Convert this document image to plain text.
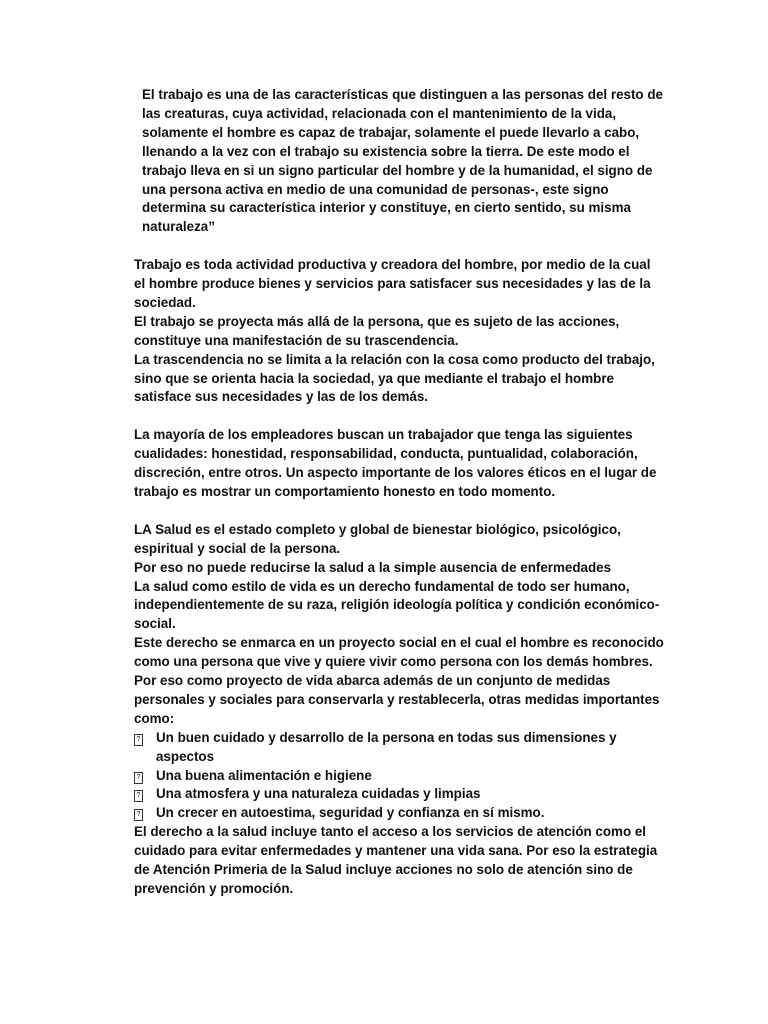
El trabajo es una de las características que distinguen a las personas del resto de las creaturas, cuya actividad, relacionada con el mantenimiento de la vida, solamente el hombre es capaz de trabajar, solamente el puede llevarlo a cabo, llenando a la vez con el trabajo su existencia sobre la tierra. De este modo el trabajo lleva en si un signo particular del hombre y de la humanidad, el signo de una persona activa en medio de una comunidad de personas-, este signo determina su característica interior y constituye, en cierto sentido, su misma naturaleza”

Trabajo es toda actividad productiva y creadora del hombre, por medio de la cual el hombre produce bienes y servicios para satisfacer sus necesidades y las de la sociedad.

El trabajo se proyecta más allá de la persona, que es sujeto de las acciones, constituye una manifestación de su trascendencia.

La trascendencia no se limita a la relación con la cosa como producto del trabajo, sino que se orienta hacia la sociedad, ya que mediante el trabajo el hombre satisface sus necesidades y las de los demás.

La mayoría de los empleadores buscan un trabajador que tenga las siguientes cualidades: honestidad, responsabilidad, conducta, puntualidad, colaboración, discreción, entre otros. Un aspecto importante de los valores éticos en el lugar de trabajo es mostrar un comportamiento honesto en todo momento.

LA Salud es el estado completo y global de bienestar biológico, psicológico, espiritual y social de la persona.

Por eso no puede reducirse la salud a la simple ausencia de enfermedades

La salud como estilo de vida es un derecho fundamental de todo ser humano, independientemente de su raza, religión ideología política y condición económico-social.

Este derecho se enmarca en un proyecto social en el cual el hombre es reconocido como una persona que vive y quiere vivir como persona con los demás hombres.

Por eso como proyecto de vida abarca además de un conjunto de medidas personales y sociales para conservarla y restablecerla, otras medidas importantes como:

? Un buen cuidado y desarrollo de la persona en todas sus dimensiones y aspectos
? Una buena alimentación e higiene
? Una atmosfera y una naturaleza cuidadas y limpias
? Un crecer en autoestima, seguridad y confianza en sí mismo.

El derecho a la salud incluye tanto el acceso a los servicios de atención como el cuidado para evitar enfermedades y mantener una vida sana. Por eso la estrategia de Atención Primeria de la Salud incluye acciones no solo de atención sino de prevención y promoción.
